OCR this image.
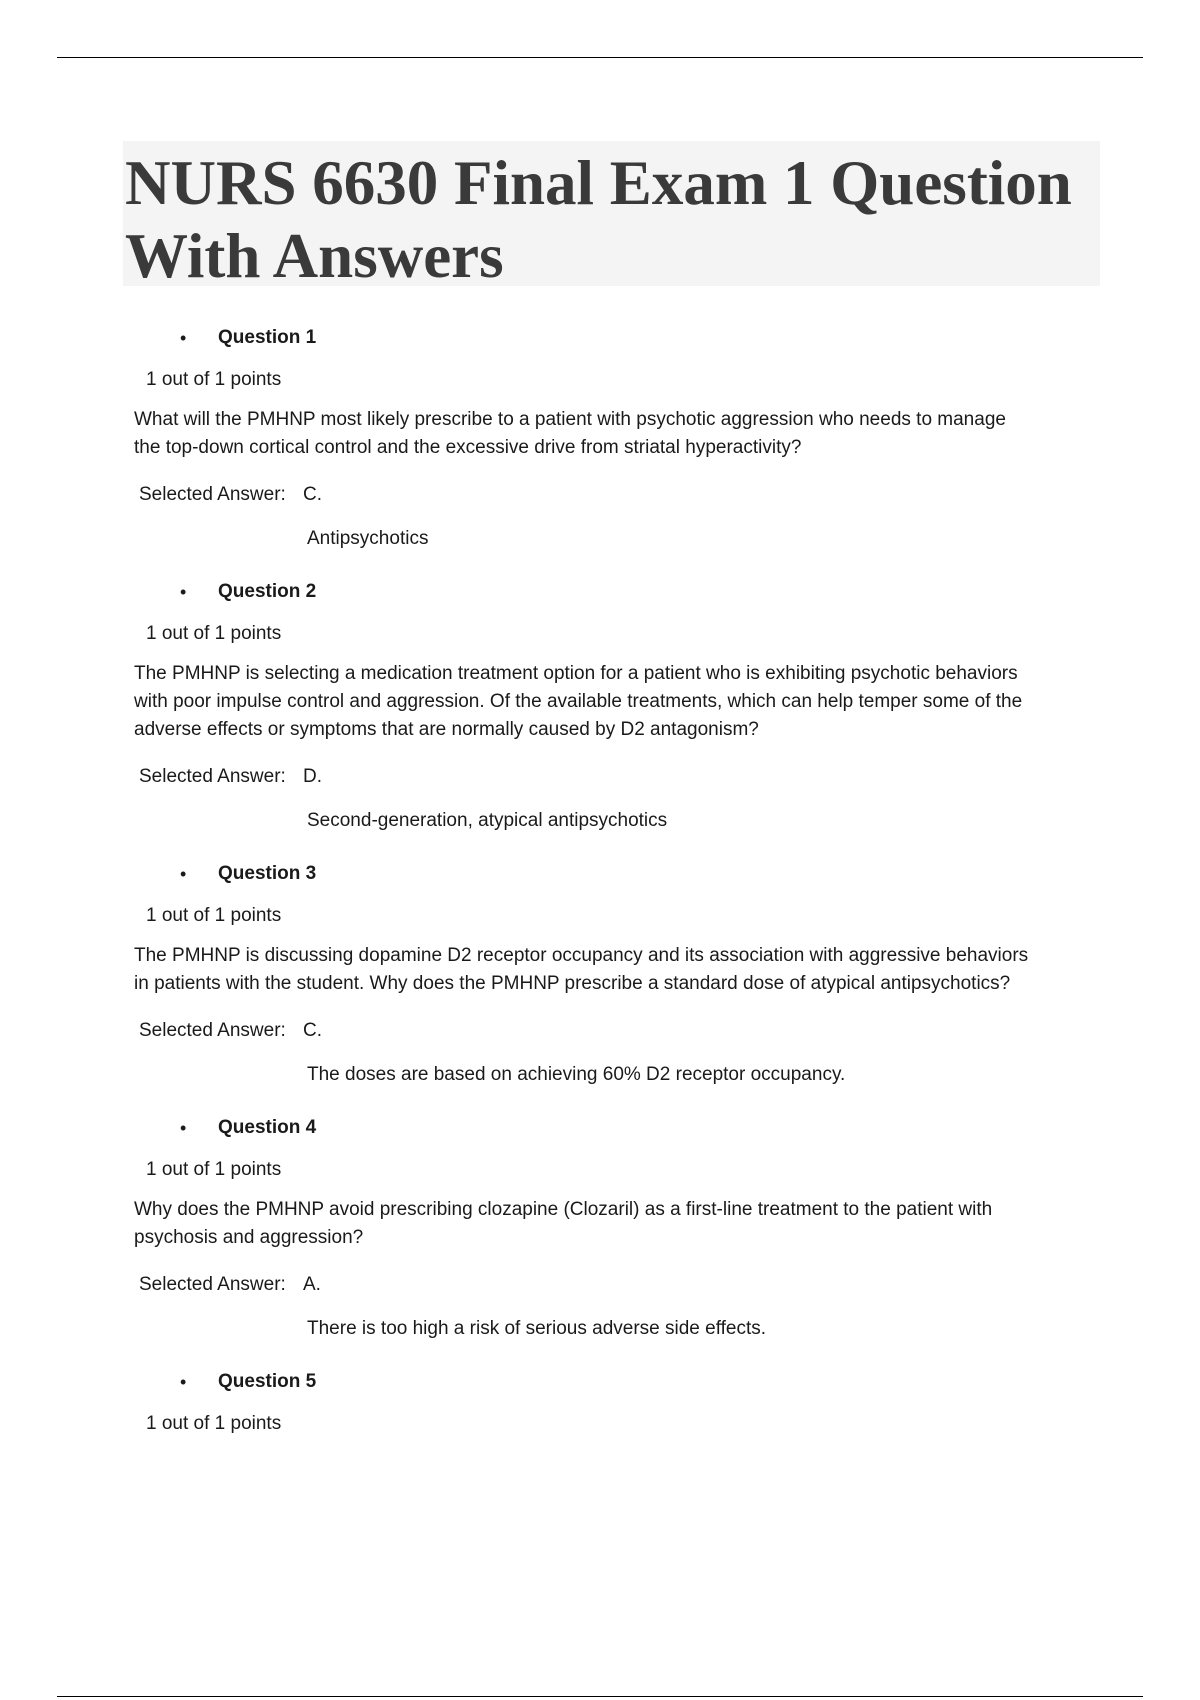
NURS 6630 Final Exam 1 Question With Answers
• Question 1
1 out of 1 points
What will the PMHNP most likely prescribe to a patient with psychotic aggression who needs to manage the top-down cortical control and the excessive drive from striatal hyperactivity?
Selected Answer: C.
Antipsychotics
• Question 2
1 out of 1 points
The PMHNP is selecting a medication treatment option for a patient who is exhibiting psychotic behaviors with poor impulse control and aggression. Of the available treatments, which can help temper some of the adverse effects or symptoms that are normally caused by D2 antagonism?
Selected Answer: D.
Second-generation, atypical antipsychotics
• Question 3
1 out of 1 points
The PMHNP is discussing dopamine D2 receptor occupancy and its association with aggressive behaviors in patients with the student. Why does the PMHNP prescribe a standard dose of atypical antipsychotics?
Selected Answer: C.
The doses are based on achieving 60% D2 receptor occupancy.
• Question 4
1 out of 1 points
Why does the PMHNP avoid prescribing clozapine (Clozaril) as a first-line treatment to the patient with psychosis and aggression?
Selected Answer: A.
There is too high a risk of serious adverse side effects.
• Question 5
1 out of 1 points
